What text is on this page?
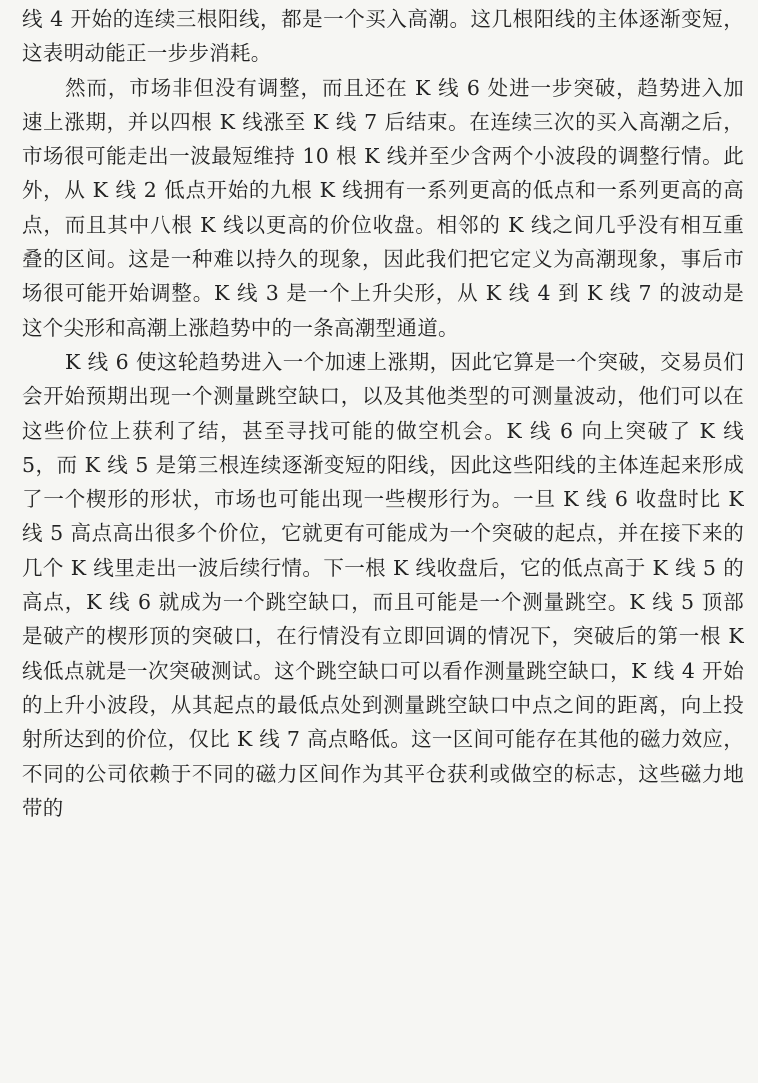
线 4 开始的连续三根阳线，都是一个买入高潮。这几根阳线的主体逐渐变短，这表明动能正一步步消耗。

然而，市场非但没有调整，而且还在 K 线 6 处进一步突破，趋势进入加速上涨期，并以四根 K 线涨至 K 线 7 后结束。在连续三次的买入高潮之后，市场很可能走出一波最短维持 10 根 K 线并至少含两个小波段的调整行情。此外，从 K 线 2 低点开始的九根 K 线拥有一系列更高的低点和一系列更高的高点，而且其中八根 K 线以更高的价位收盘。相邻的 K 线之间几乎没有相互重叠的区间。这是一种难以持久的现象，因此我们把它定义为高潮现象，事后市场很可能开始调整。K 线 3 是一个上升尖形，从 K 线 4 到 K 线 7 的波动是这个尖形和高潮上涨趋势中的一条高潮型通道。

K 线 6 使这轮趋势进入一个加速上涨期，因此它算是一个突破，交易员们会开始预期出现一个测量跳空缺口，以及其他类型的可测量波动，他们可以在这些价位上获利了结，甚至寻找可能的做空机会。K 线 6 向上突破了 K 线 5，而 K 线 5 是第三根连续逐渐变短的阳线，因此这些阳线的主体连起来形成了一个楔形的形状，市场也可能出现一些楔形行为。一旦 K 线 6 收盘时比 K 线 5 高点高出很多个价位，它就更有可能成为一个突破的起点，并在接下来的几个 K 线里走出一波后续行情。下一根 K 线收盘后，它的低点高于 K 线 5 的高点，K 线 6 就成为一个跳空缺口，而且可能是一个测量跳空。K 线 5 顶部是破产的楔形顶的突破口，在行情没有立即回调的情况下，突破后的第一根 K 线低点就是一次突破测试。这个跳空缺口可以看作测量跳空缺口，K 线 4 开始的上升小波段，从其起点的最低点处到测量跳空缺口中点之间的距离，向上投射所达到的价位，仅比 K 线 7 高点略低。这一区间可能存在其他的磁力效应，不同的公司依赖于不同的磁力区间作为其平仓获利或做空的标志，这些磁力地带的
